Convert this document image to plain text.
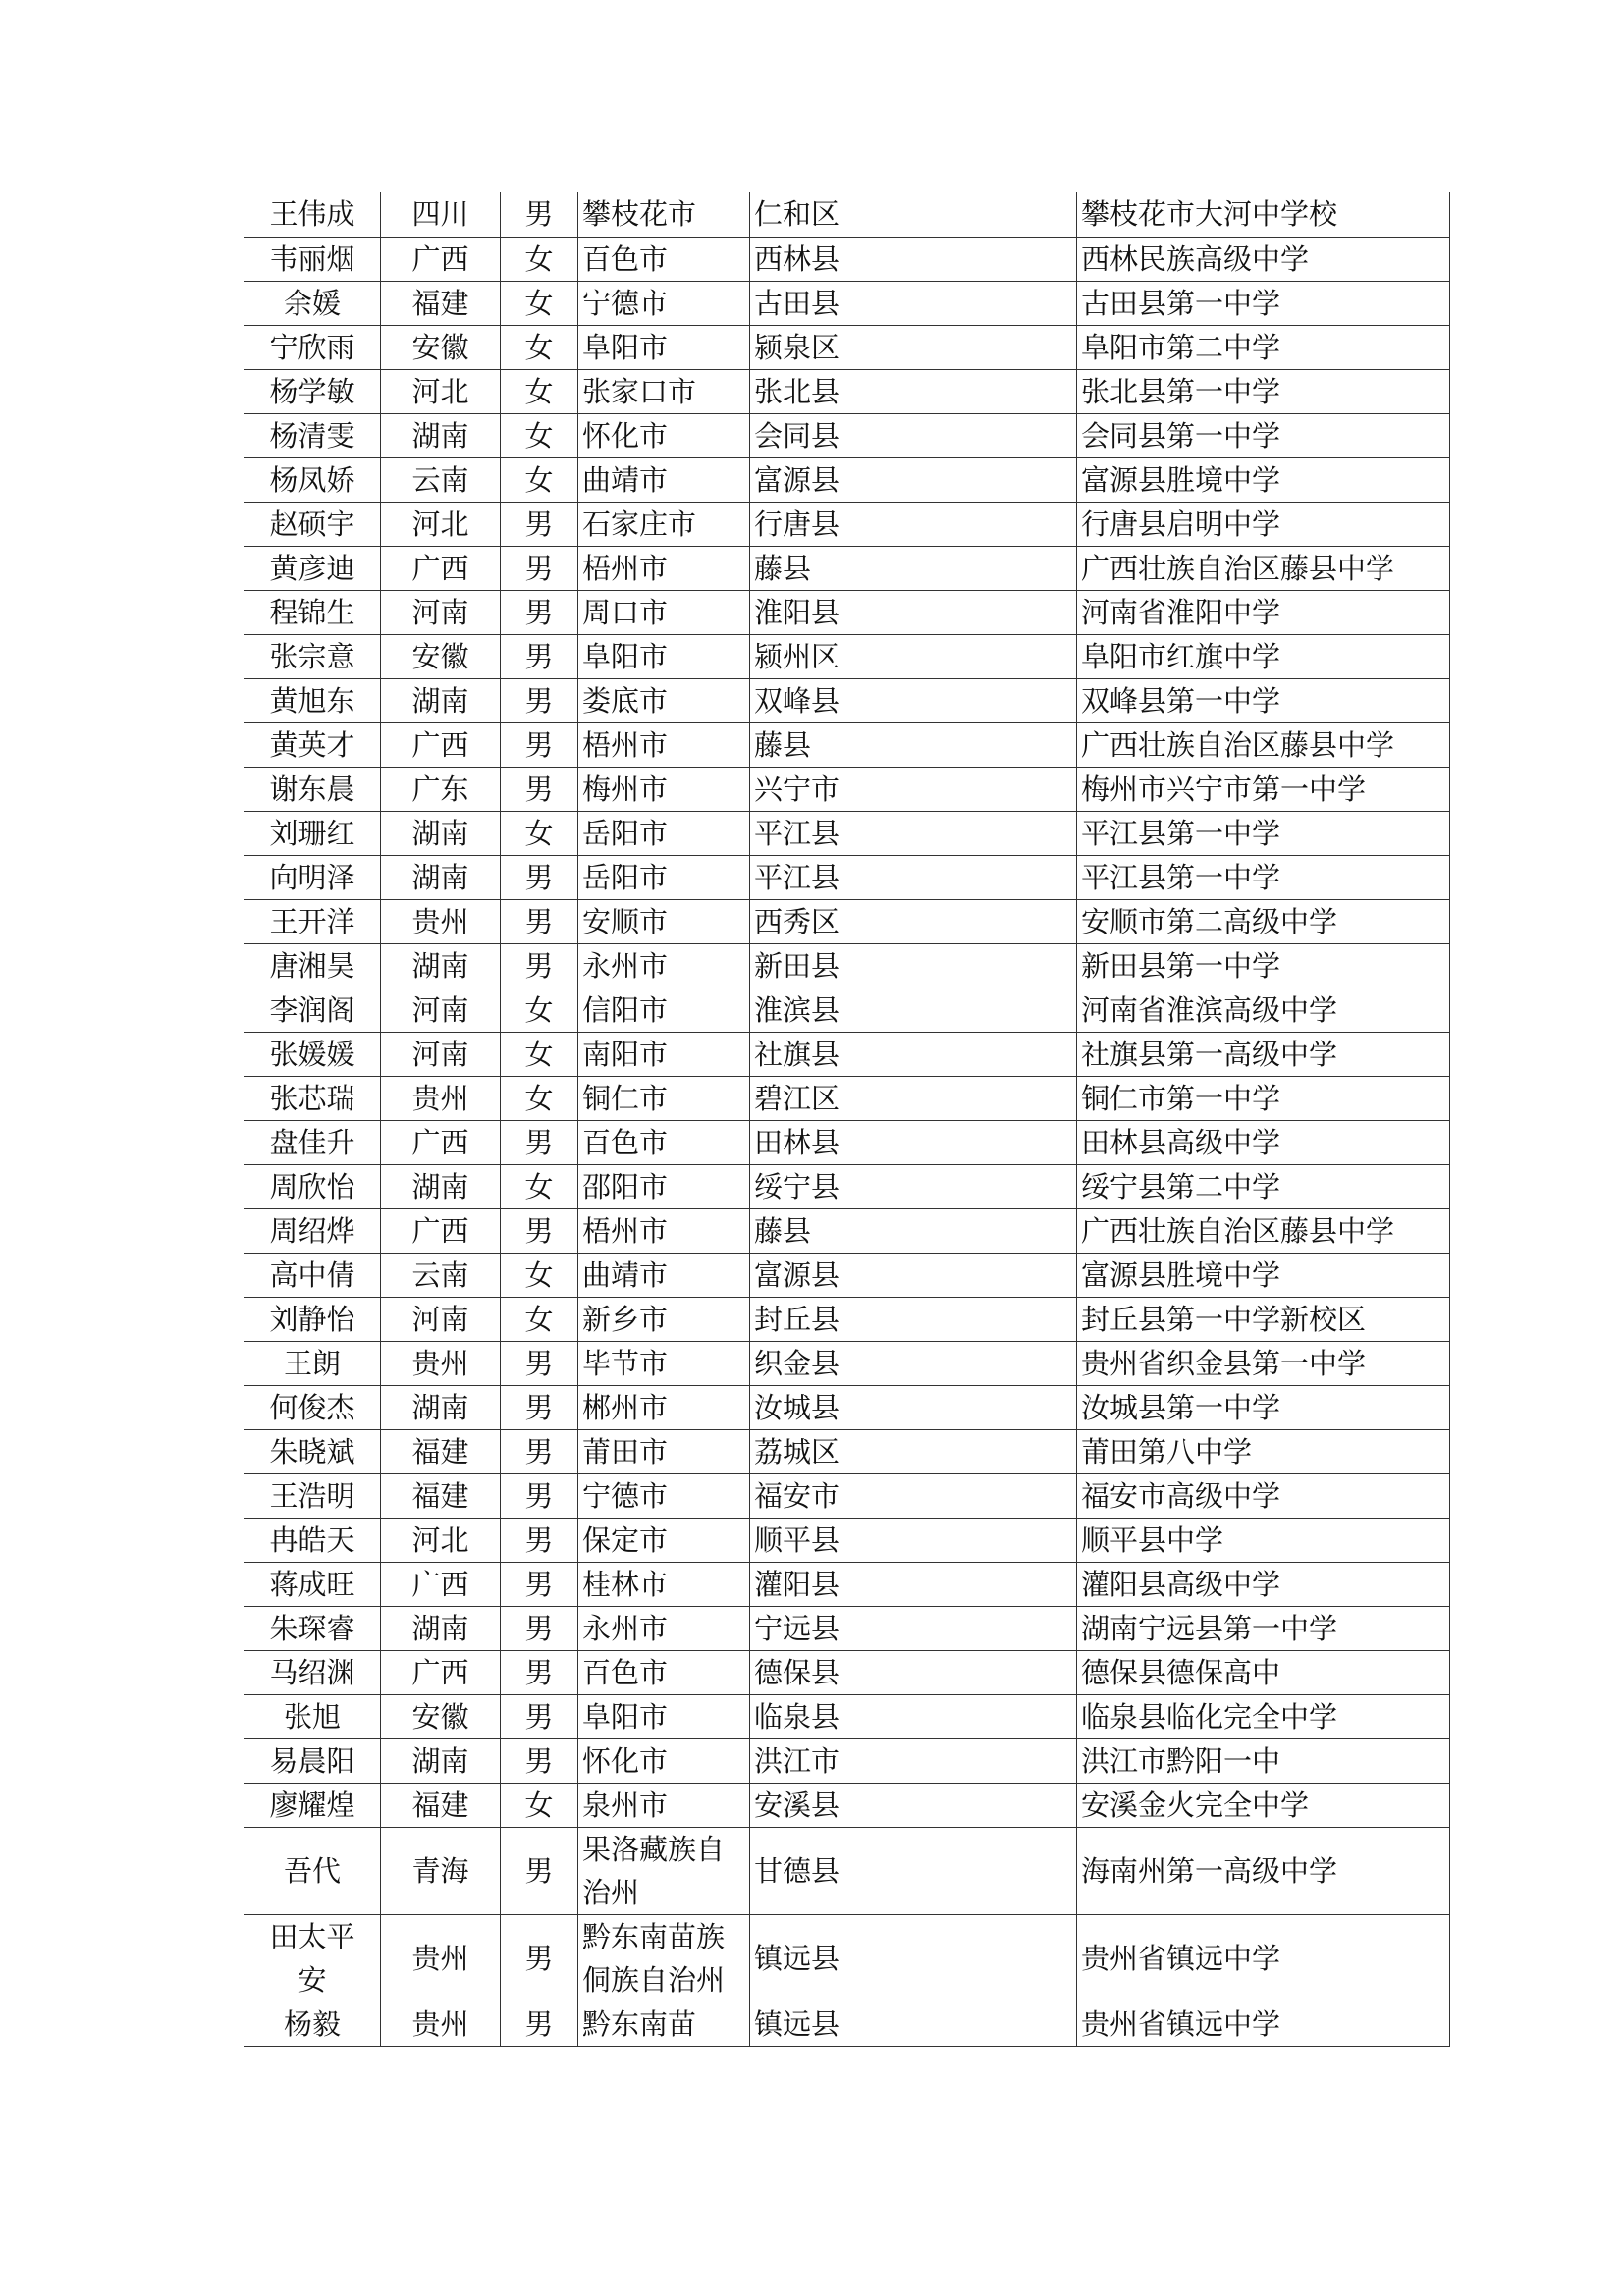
王伟成	四川	男	攀枝花市	仁和区	攀枝花市大河中学校
韦丽烟	广西	女	百色市	西林县	西林民族高级中学
余媛	福建	女	宁德市	古田县	古田县第一中学
宁欣雨	安徽	女	阜阳市	颍泉区	阜阳市第二中学
杨学敏	河北	女	张家口市	张北县	张北县第一中学
杨清雯	湖南	女	怀化市	会同县	会同县第一中学
杨凤娇	云南	女	曲靖市	富源县	富源县胜境中学
赵硕宇	河北	男	石家庄市	行唐县	行唐县启明中学
黄彦迪	广西	男	梧州市	藤县	广西壮族自治区藤县中学
程锦生	河南	男	周口市	淮阳县	河南省淮阳中学
张宗意	安徽	男	阜阳市	颍州区	阜阳市红旗中学
黄旭东	湖南	男	娄底市	双峰县	双峰县第一中学
黄英才	广西	男	梧州市	藤县	广西壮族自治区藤县中学
谢东晨	广东	男	梅州市	兴宁市	梅州市兴宁市第一中学
刘珊红	湖南	女	岳阳市	平江县	平江县第一中学
向明泽	湖南	男	岳阳市	平江县	平江县第一中学
王开洋	贵州	男	安顺市	西秀区	安顺市第二高级中学
唐湘昊	湖南	男	永州市	新田县	新田县第一中学
李润阁	河南	女	信阳市	淮滨县	河南省淮滨高级中学
张媛媛	河南	女	南阳市	社旗县	社旗县第一高级中学
张芯瑞	贵州	女	铜仁市	碧江区	铜仁市第一中学
盘佳升	广西	男	百色市	田林县	田林县高级中学
周欣怡	湖南	女	邵阳市	绥宁县	绥宁县第二中学
周绍烨	广西	男	梧州市	藤县	广西壮族自治区藤县中学
高中倩	云南	女	曲靖市	富源县	富源县胜境中学
刘静怡	河南	女	新乡市	封丘县	封丘县第一中学新校区
王朗	贵州	男	毕节市	织金县	贵州省织金县第一中学
何俊杰	湖南	男	郴州市	汝城县	汝城县第一中学
朱晓斌	福建	男	莆田市	荔城区	莆田第八中学
王浩明	福建	男	宁德市	福安市	福安市高级中学
冉皓天	河北	男	保定市	顺平县	顺平县中学
蒋成旺	广西	男	桂林市	灌阳县	灌阳县高级中学
朱琛睿	湖南	男	永州市	宁远县	湖南宁远县第一中学
马绍渊	广西	男	百色市	德保县	德保县德保高中
张旭	安徽	男	阜阳市	临泉县	临泉县临化完全中学
易晨阳	湖南	男	怀化市	洪江市	洪江市黔阳一中
廖耀煌	福建	女	泉州市	安溪县	安溪金火完全中学
吾代	青海	男	果洛藏族自治州	甘德县	海南州第一高级中学
田太平安	贵州	男	黔东南苗族侗族自治州	镇远县	贵州省镇远中学
杨毅	贵州	男	黔东南苗	镇远县	贵州省镇远中学
